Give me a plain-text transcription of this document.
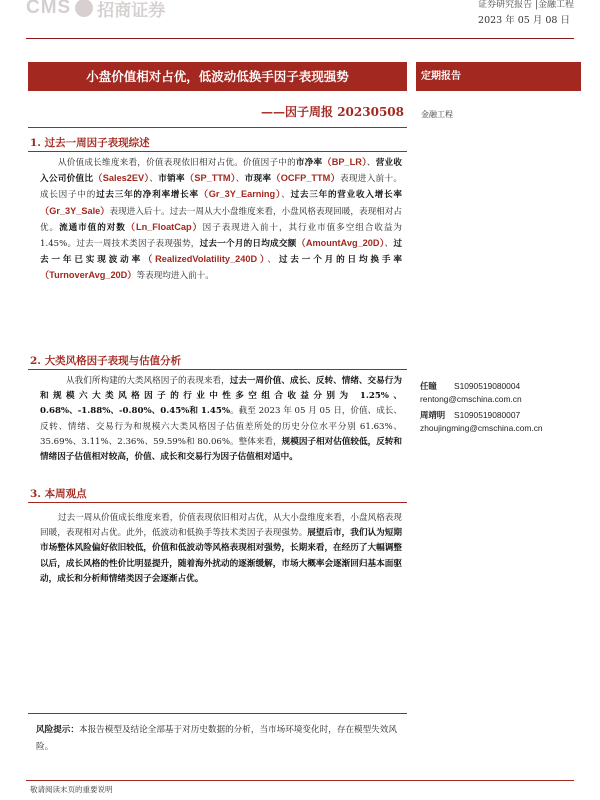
CMS 招商证券	证券研究报告 |金融工程
2023 年 05 月 08 日
小盘价值相对占优，低波动低换手因子表现强势
——因子周报 20230508
定期报告
金融工程
1. 过去一周因子表现综述
从价值成长维度来看，价值表现依旧相对占优。价值因子中的市净率（BP_LR）、营业收入公司价值比（Sales2EV）、市销率（SP_TTM）、市现率（OCFP_TTM）表现进入前十。成长因子中的过去三年的净利率增长率（Gr_3Y_Earning）、过去三年的营业收入增长率（Gr_3Y_Sale）表现进入后十。过去一周从大小盘维度来看，小盘风格表现回暖，表现相对占优。流通市值的对数（Ln_FloatCap）因子表现进入前十，其行业市值多空组合收益为 1.45%。过去一周技术类因子表现强势，过去一个月的日均成交额（AmountAvg_20D）、过去一年已实现波动率（RealizedVolatility_240D）、过去一个月的日均换手率（TurnoverAvg_20D）等表现均进入前十。
2. 大类风格因子表现与估值分析
从我们所构建的大类风格因子的表现来看，过去一周价值、成长、反转、情绪、交易行为和规模六大类风格因子的行业中性多空组合收益分别为 1.25%、0.68%、-1.88%、-0.80%、0.45%和 1.45%。截至 2023 年 05 月 05 日，价值、成长、反转、情绪、交易行为和规模六大类风格因子估值差所处的历史分位水平分别 61.63%、35.69%、3.11%、2.36%、59.59%和 80.06%。整体来看，规模因子相对估值较低，反转和情绪因子估值相对较高，价值、成长和交易行为因子估值相对适中。
任瞳 S1090519080004
rentong@cmschina.com.cn
周靖明 S1090519080007
zhoujingming@cmschina.com.cn
3. 本周观点
过去一周从价值成长维度来看，价值表现依旧相对占优，从大小盘维度来看，小盘风格表现回暖，表现相对占优。此外，低波动和低换手等技术类因子表现强势。展望后市，我们认为短期市场整体风险偏好依旧较低，价值和低波动等风格表现相对强势，长期来看，在经历了大幅调整以后，成长风格的性价比明显提升，随着海外扰动的逐渐缓解，市场大概率会逐渐回归基本面驱动，成长和分析师情绪类因子会逐渐占优。
风险提示：本报告模型及结论全部基于对历史数据的分析，当市场环境变化时，存在模型失效风险。
敬请阅读末页的重要说明
